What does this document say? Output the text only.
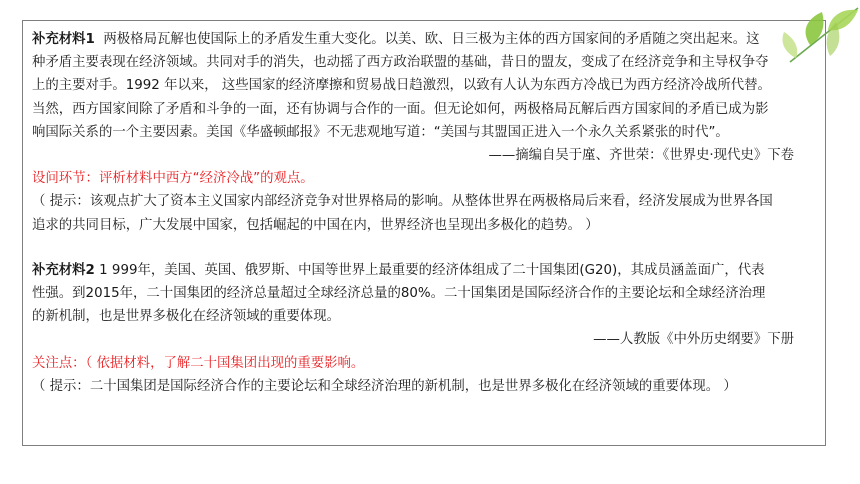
补充材料1 两极格局瓦解也使国际上的矛盾发生重大变化。以美、欧、日三极为主体的西方国家间的矛盾随之突出起来。这

种矛盾主要表现在经济领域。共同对手的消失，也动摇了西方政治联盟的基础，昔日的盟友，变成了在经济竞争和主导权争夺

上的主要对手。1992 年以来， 这些国家的经济摩擦和贸易战日趋激烈，以致有人认为东西方冷战已为西方经济冷战所代替。

当然，西方国家间除了矛盾和斗争的一面，还有协调与合作的一面。但无论如何，两极格局瓦解后西方国家间的矛盾已成为影

响国际关系的一个主要因素。美国《华盛顿邮报》不无悲观地写道：“美国与其盟国正进入一个永久关系紧张的时代”。

——摘编自吴于廑、齐世荣：《世界史·现代史》下卷

设问环节：评析材料中西方“经济冷战”的观点。

（ 提示：该观点扩大了资本主义国家内部经济竞争对世界格局的影响。从整体世界在两极格局后来看，经济发展成为世界各国

追求的共同目标，广大发展中国家，包括崛起的中国在内，世界经济也呈现出多极化的趋势。 ）

补充材料2 1 999年，美国、英国、俄罗斯、中国等世界上最重要的经济体组成了二十国集团(G20)，其成员涵盖面广，代表

性强。到2015年，二十国集团的经济总量超过全球经济总量的80%。二十国集团是国际经济合作的主要论坛和全球经济治理

的新机制，也是世界多极化在经济领域的重要体现。

——人教版《中外历史纲要》下册

关注点：（ 依据材料，了解二十国集团出现的重要影响。

（ 提示：二十国集团是国际经济合作的主要论坛和全球经济治理的新机制，也是世界多极化在经济领域的重要体现。 ）
